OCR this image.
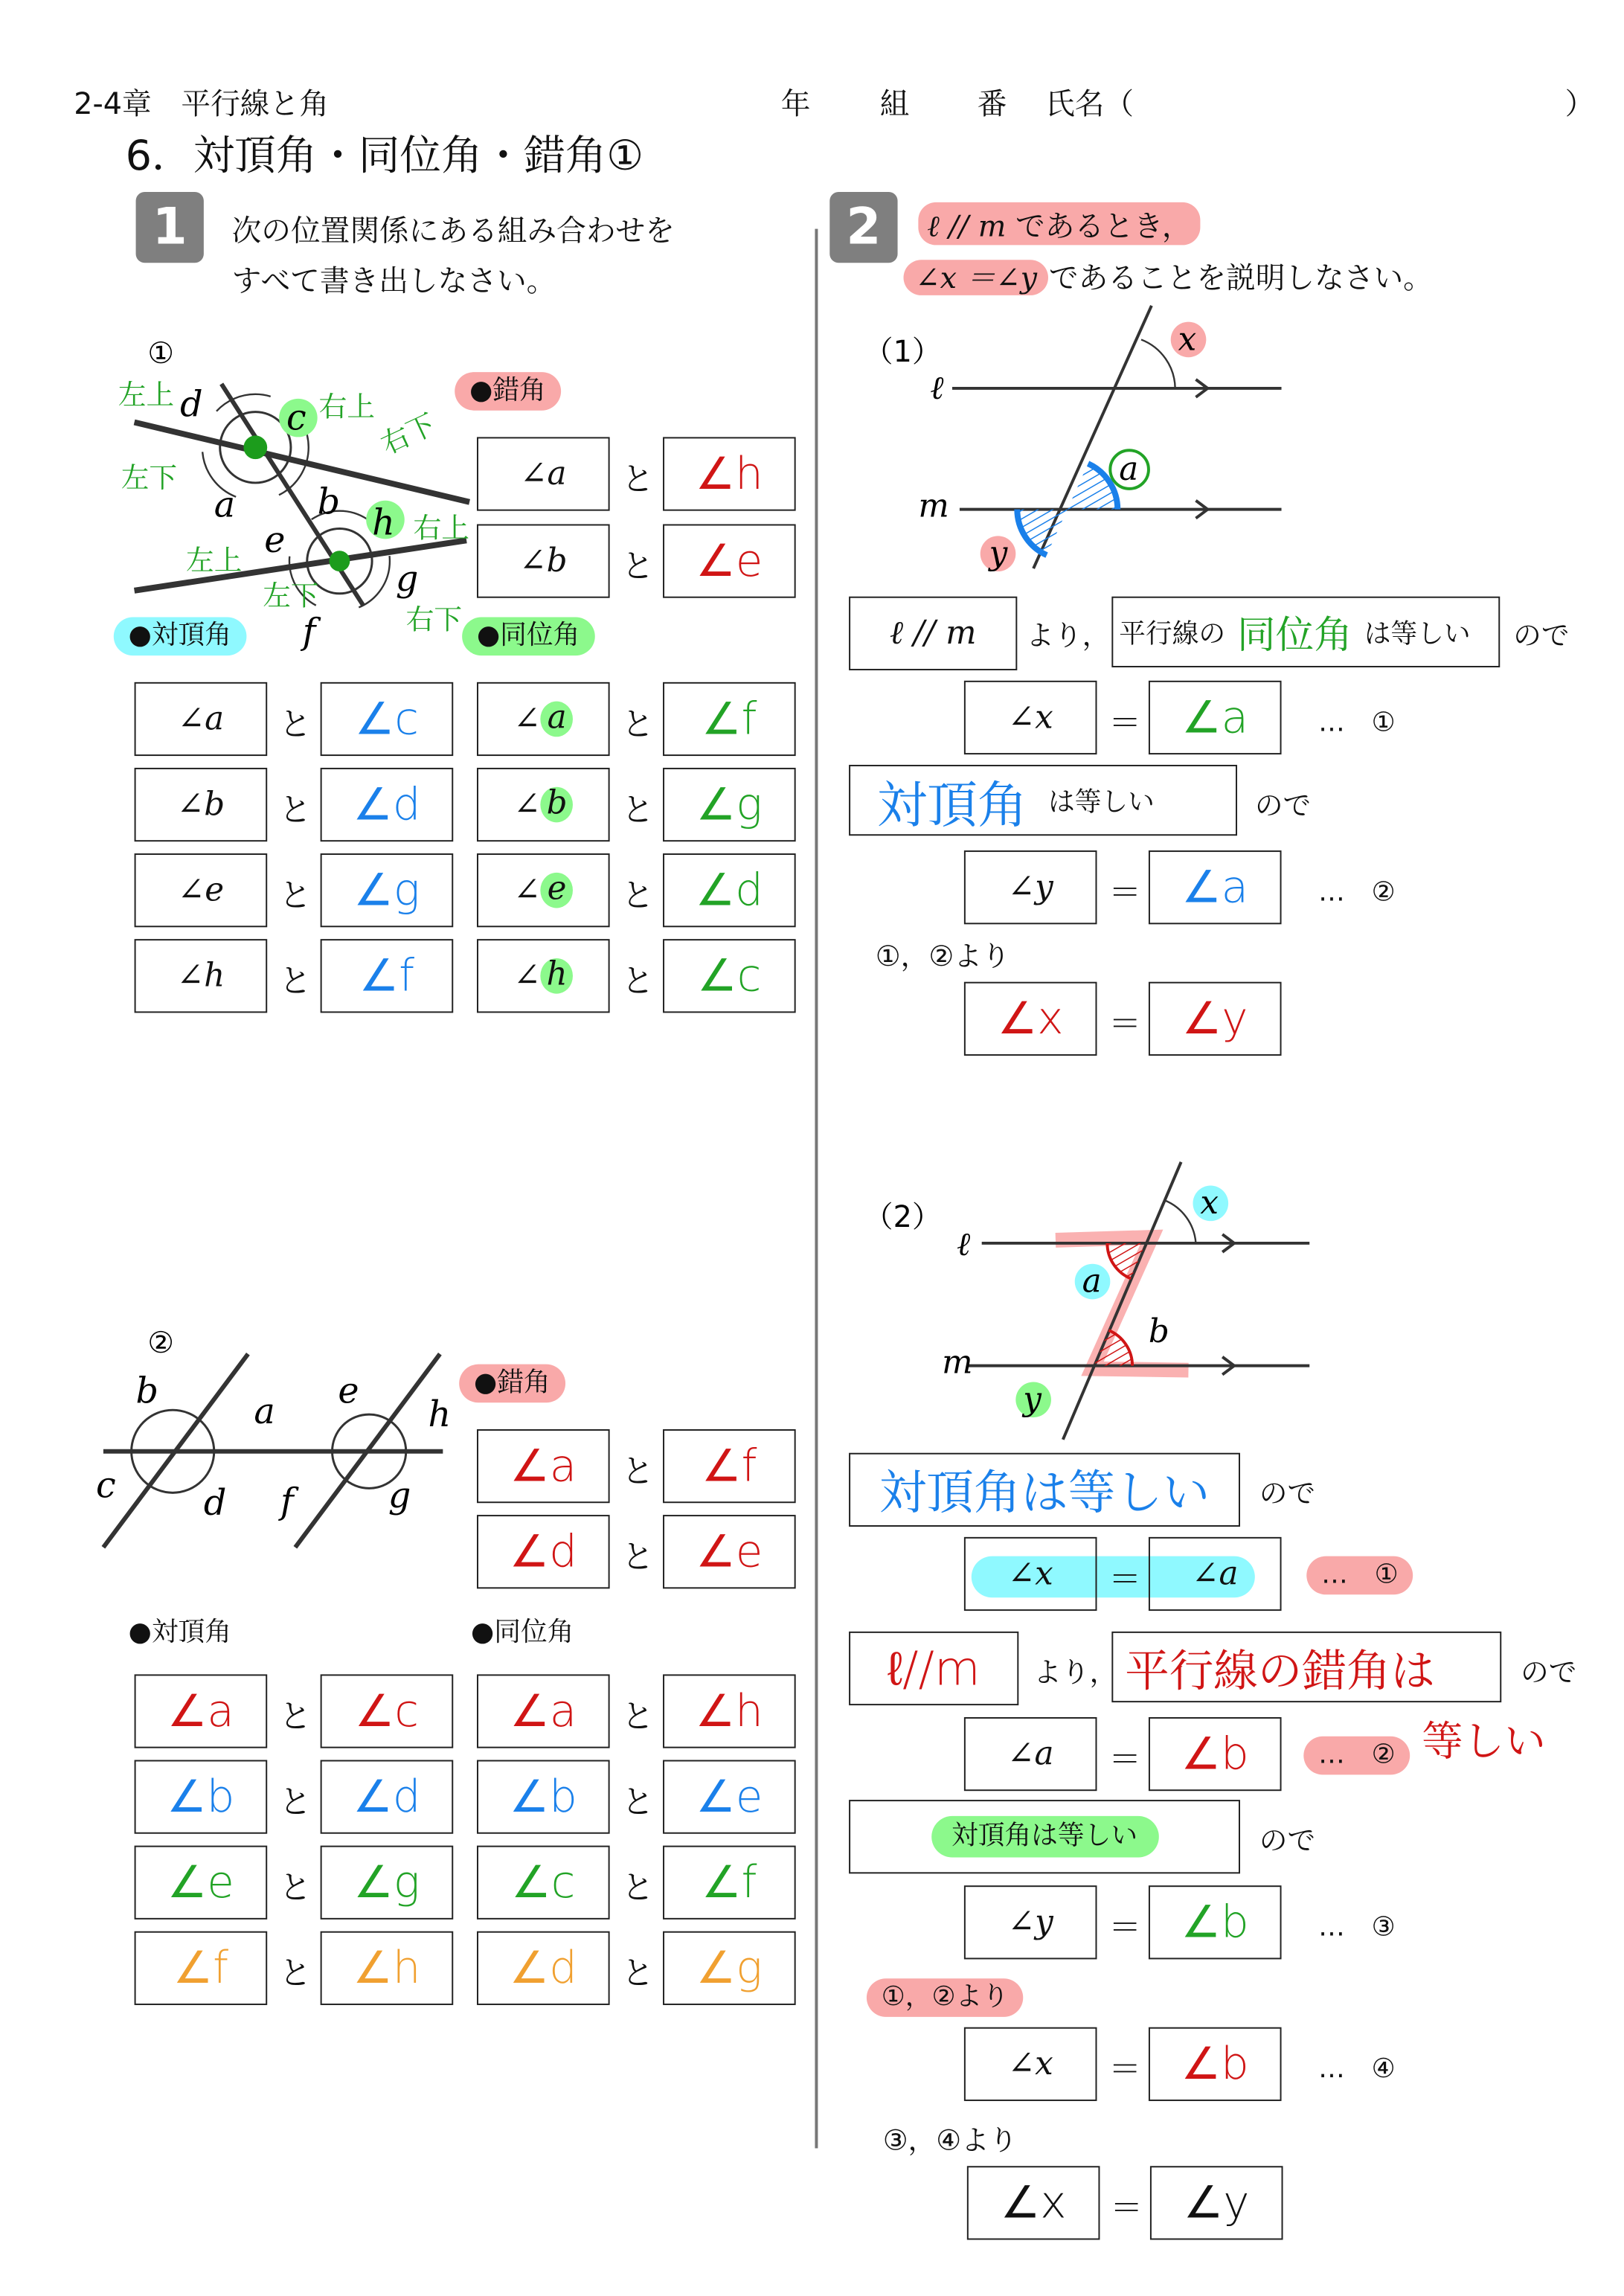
2-4章　平行線と角	年	組	番	氏名（	）
6．対頂角・同位角・錯角①
1	次の位置関係にある組み合わせを
すべて書き出しなさい。
2	ℓ // m であるとき，
∠x ＝∠y であることを説明しなさい。
①
a	b
c
d
e
f
g
h
左上	右上
右下
左下
右上
左上
左下
右下
②
a
b
c	d
e
f	g
h
●錯角
∠a	と	∠h
∠b	と	∠e
●対頂角	●同位角
∠a	と	∠c	∠ a	と	∠f
∠b	と	∠d	∠ b	と	∠g
∠e	と	∠g	∠ e	と	∠d
∠h	と	∠f	∠ h	と	∠c
●錯角
∠a	と	∠f
∠d	と	∠e
●対頂角	●同位角
∠a	と	∠c	∠a	と	∠h
∠b	と	∠d	∠b	と	∠e
∠e	と	∠g	∠c	と	∠f
∠f	と	∠h	∠d	と	∠g
（1）
ℓ
m
x
a
y
（2）
ℓ
m
x
a
b
y
ℓ // m	より， 平行線の 同位角 は等しい	ので
∠x	＝	∠a	…　①
対頂角 は等しい	ので
∠y	＝	∠a	…　②
①，②より
∠x	＝	∠y
対頂角は等しい	ので
∠x	＝	∠a	…　①
ℓ//m	より， 平行線の錯角は	ので
等しい
∠a	＝	∠b	…　②
対頂角は等しい	ので
∠y	＝	∠b	…　③
①，②より
∠x	＝	∠b	…　④
③，④より
∠x	＝	∠y
